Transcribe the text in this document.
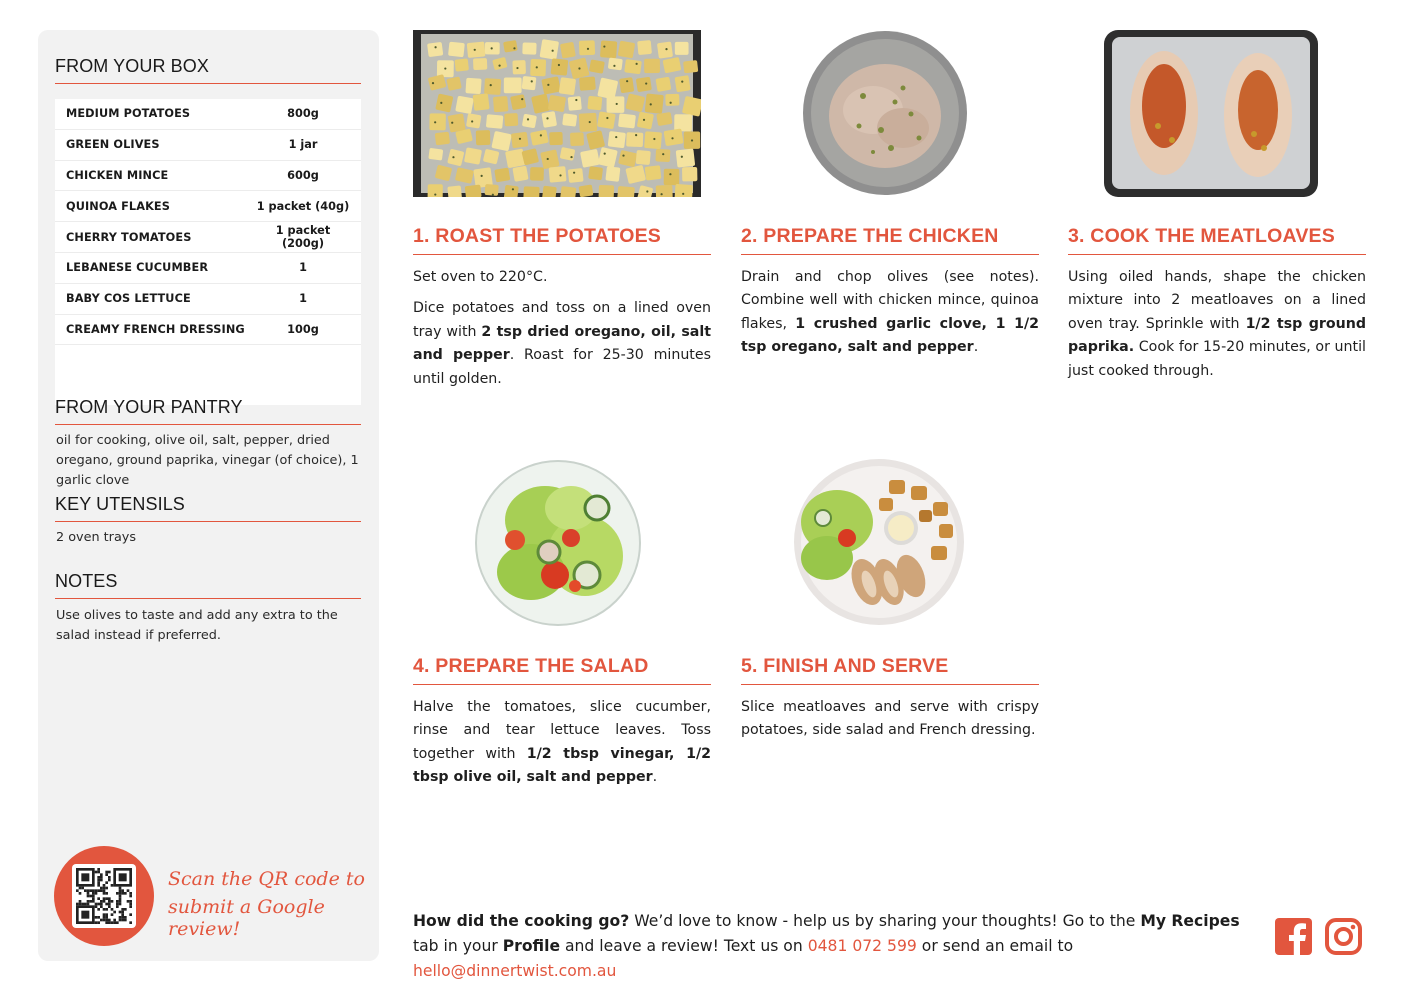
FROM YOUR BOX
MEDIUM POTATOES	800g
GREEN OLIVES	1 jar
CHICKEN MINCE	600g
QUINOA FLAKES	1 packet (40g)
CHERRY TOMATOES	1 packet (200g)
LEBANESE CUCUMBER	1
BABY COS LETTUCE	1
CREAMY FRENCH DRESSING	100g
FROM YOUR PANTRY
oil for cooking, olive oil, salt, pepper, dried oregano, ground paprika, vinegar (of choice), 1 garlic clove
KEY UTENSILS
2 oven trays
NOTES
Use olives to taste and add any extra to the salad instead if preferred.
Scan the QR code to
submit a Google review!
1. ROAST THE POTATOES

Set oven to 220°C.

Dice potatoes and toss on a lined oven tray with 2 tsp dried oregano, oil, salt and pepper. Roast for 25-30 minutes until golden.

2. PREPARE THE CHICKEN

Drain and chop olives (see notes). Combine well with chicken mince, quinoa flakes, 1 crushed garlic clove, 1 1/2 tsp oregano, salt and pepper.

3. COOK THE MEATLOAVES

Using oiled hands, shape the chicken mixture into 2 meatloaves on a lined oven tray. Sprinkle with 1/2 tsp ground paprika. Cook for 15-20 minutes, or until just cooked through.

4. PREPARE THE SALAD

Halve the tomatoes, slice cucumber, rinse and tear lettuce leaves. Toss together with 1/2 tbsp vinegar, 1/2 tbsp olive oil, salt and pepper.

5. FINISH AND SERVE

Slice meatloaves and serve with crispy potatoes, side salad and French dressing.

How did the cooking go? We’d love to know - help us by sharing your thoughts! Go to the My Recipes tab in your Profile and leave a review! Text us on 0481 072 599 or send an email to hello@dinnertwist.com.au
